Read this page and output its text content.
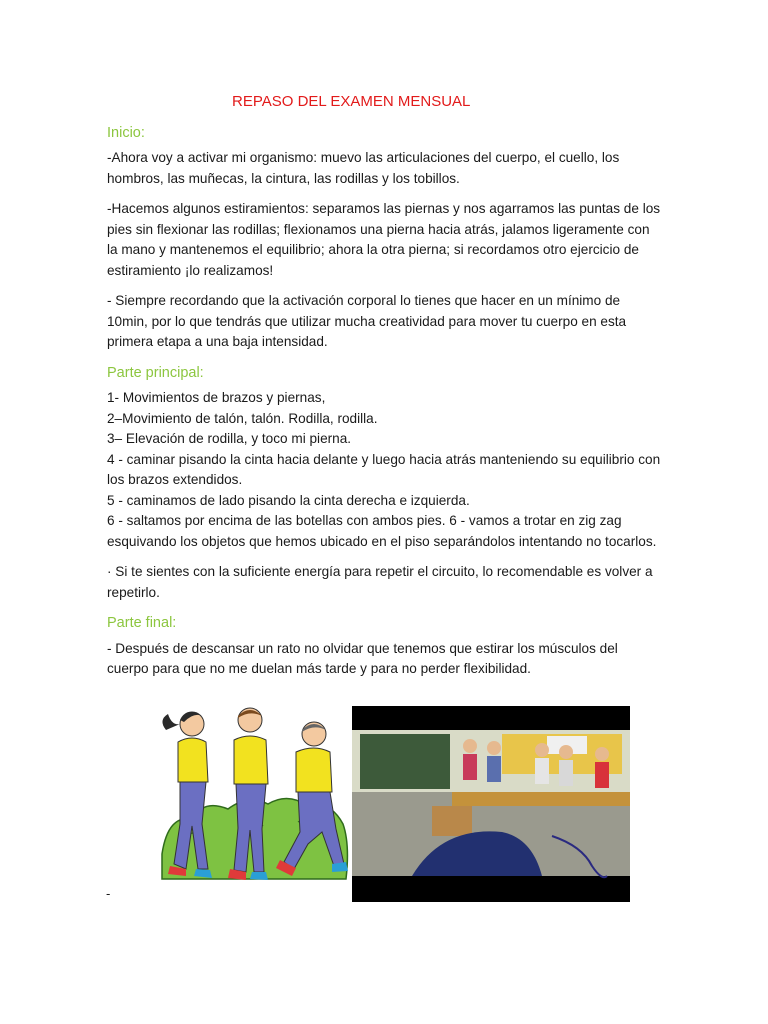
REPASO DEL EXAMEN MENSUAL
Inicio:

-Ahora voy a activar mi organismo: muevo las articulaciones del cuerpo, el cuello, los hombros, las muñecas, la cintura, las rodillas y los tobillos.

-Hacemos algunos estiramientos: separamos las piernas y nos agarramos las puntas de los pies sin flexionar las rodillas; flexionamos una pierna hacia atrás, jalamos ligeramente con la mano y mantenemos el equilibrio; ahora la otra pierna; si recordamos otro ejercicio de estiramiento ¡lo realizamos!

- Siempre recordando que la activación corporal lo tienes que hacer en un mínimo de 10min, por lo que tendrás que utilizar mucha creatividad para mover tu cuerpo en esta primera etapa a una baja intensidad.

Parte principal:
1- Movimientos de brazos y piernas,
2–Movimiento de talón, talón. Rodilla, rodilla.
3– Elevación de rodilla, y toco mi pierna.
4 - caminar pisando la cinta hacia delante y luego hacia atrás manteniendo su equilibrio con los brazos extendidos.
5 - caminamos de lado pisando la cinta derecha e izquierda.
6 - saltamos por encima de las botellas con ambos pies. 6 - vamos a trotar en zig zag esquivando los objetos que hemos ubicado en el piso separándolos intentando no tocarlos.

· Si te sientes con la suficiente energía para repetir el circuito, lo recomendable es volver a repetirlo.

Parte final:

- Después de descansar un rato no olvidar que tenemos que estirar los músculos del cuerpo para que no me duelan más tarde y para no perder flexibilidad.

-
